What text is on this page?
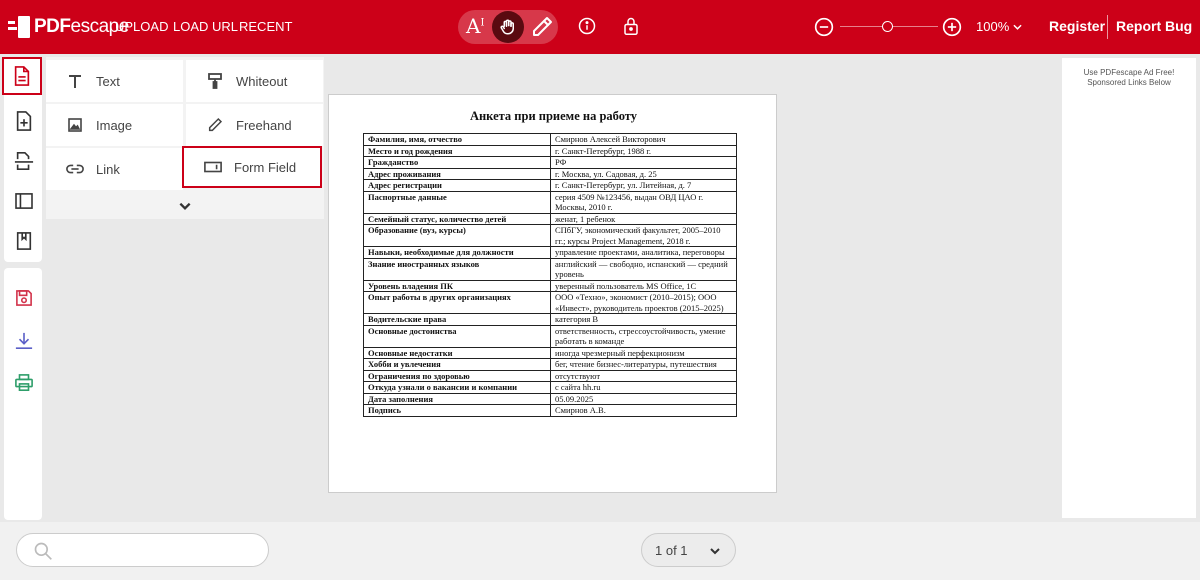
PDFescape
UPLOAD LOAD URL RECENT	$A^I$	100%	Register Report Bug
Text	Whiteout
Image	Freehand
Link	Form Field
Анкета при приеме на работу
Фамилия, имя, отчество	Смирнов Алексей Викторович
Место и год рождения	г. Санкт-Петербург, 1988 г.
Гражданство	РФ
Адрес проживания	г. Москва, ул. Садовая, д. 25
Адрес регистрации	г. Санкт-Петербург, ул. Литейная, д. 7
Паспортные данные	серия 4509 №123456, выдан ОВД ЦАО г. Москвы, 2010 г.
Семейный статус, количество детей	женат, 1 ребенок
Образование (вуз, курсы)	СПбГУ, экономический факультет, 2005–2010 гг.; курсы Project Management, 2018 г.
Навыки, необходимые для должности	управление проектами, аналитика, переговоры
Знание иностранных языков	английский — свободно, испанский — средний уровень
Уровень владения ПК	уверенный пользователь MS Office, 1С
Опыт работы в других организациях	ООО «Техно», экономист (2010–2015); ООО «Инвест», руководитель проектов (2015–2025)
Водительские права	категория B
Основные достоинства	ответственность, стрессоустойчивость, умение работать в команде
Основные недостатки	иногда чрезмерный перфекционизм
Хобби и увлечения	бег, чтение бизнес-литературы, путешествия
Ограничения по здоровью	отсутствуют
Откуда узнали о вакансии и компании	с сайта hh.ru
Дата заполнения	05.09.2025
Подпись	Смирнов А.В.
Use PDFescape Ad Free!
Sponsored Links Below
1 of 1
